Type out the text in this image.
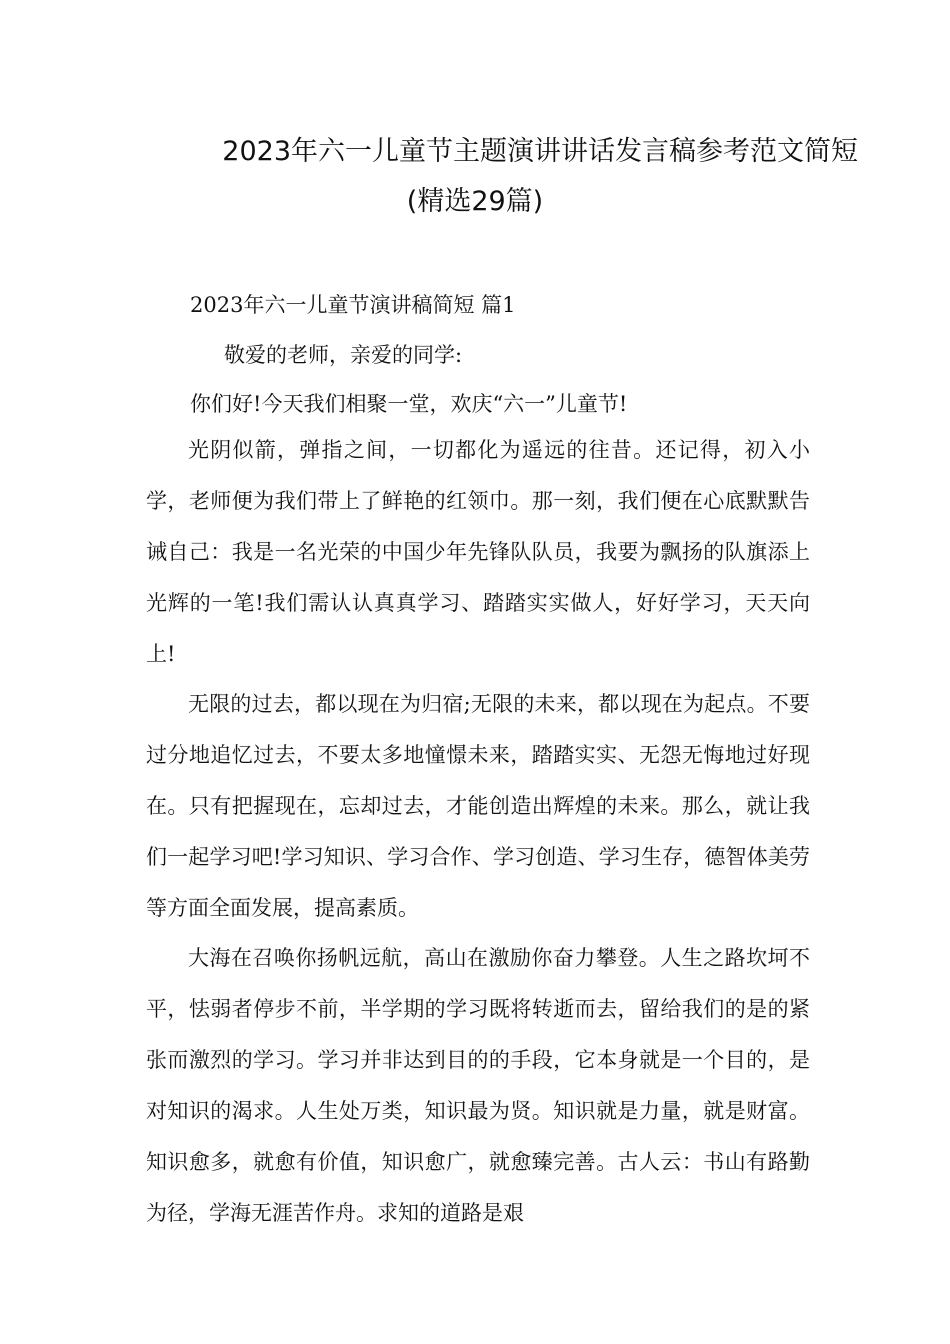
2023年六一儿童节主题演讲讲话发言稿参考范文简短
(精选29篇)
2023年六一儿童节演讲稿简短 篇1
敬爱的老师，亲爱的同学:
你们好!今天我们相聚一堂，欢庆“六一”儿童节!

光阴似箭，弹指之间，一切都化为遥远的往昔。还记得，初入小学，老师便为我们带上了鲜艳的红领巾。那一刻，我们便在心底默默告诫自己：我是一名光荣的中国少年先锋队队员，我要为飘扬的队旗添上光辉的一笔!我们需认认真真学习、踏踏实实做人，好好学习，天天向上!

无限的过去，都以现在为归宿;无限的未来，都以现在为起点。不要过分地追忆过去，不要太多地憧憬未来，踏踏实实、无怨无悔地过好现在。只有把握现在，忘却过去，才能创造出辉煌的未来。那么，就让我们一起学习吧!学习知识、学习合作、学习创造、学习生存，德智体美劳等方面全面发展，提高素质。

大海在召唤你扬帆远航，高山在激励你奋力攀登。人生之路坎坷不平，怯弱者停步不前，半学期的学习既将转逝而去，留给我们的是的紧张而激烈的学习。学习并非达到目的的手段，它本身就是一个目的，是对知识的渴求。人生处万类，知识最为贤。知识就是力量，就是财富。知识愈多，就愈有价值，知识愈广，就愈臻完善。古人云：书山有路勤为径，学海无涯苦作舟。求知的道路是艰
